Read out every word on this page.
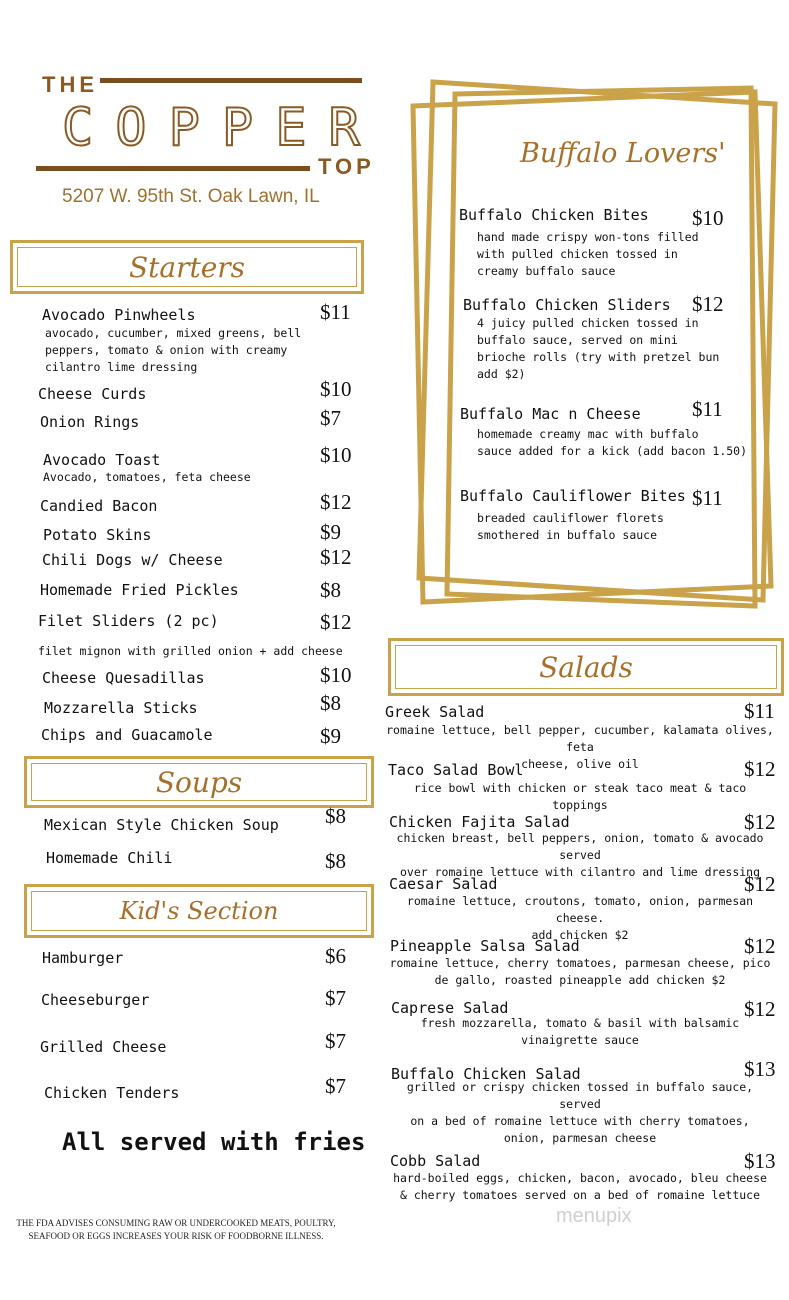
THE
COPPER
TOP
5207 W. 95th St. Oak Lawn, IL
Buffalo Lovers'
Buffalo Chicken Bites $10
hand made crispy won-tons filled
with pulled chicken tossed in
creamy buffalo sauce
Buffalo Chicken Sliders $12
4 juicy pulled chicken tossed in
buffalo sauce, served on mini
brioche rolls (try with pretzel bun
add $2)
Buffalo Mac n Cheese $11
homemade creamy mac with buffalo
sauce added for a kick (add bacon 1.50)
Buffalo Cauliflower Bites $11
breaded cauliflower florets
smothered in buffalo sauce
Starters
Avocado Pinwheels	$11
avocado, cucumber, mixed greens, bell
peppers, tomato & onion with creamy
cilantro lime dressing
Cheese Curds	$10
Onion Rings	$7
Avocado Toast	$10
Avocado, tomatoes, feta cheese
Candied Bacon	$12
Potato Skins	$9
Chili Dogs w/ Cheese	$12
Homemade Fried Pickles	$8
Filet Sliders (2 pc)	$12
filet mignon with grilled onion + add cheese
Cheese Quesadillas	$10
Mozzarella Sticks	$8
Chips and Guacamole	$9
Soups
Mexican Style Chicken Soup $8
Homemade Chili	$8
Kid's Section
Hamburger	$6
Cheeseburger	$7
Grilled Cheese	$7
Chicken Tenders	$7
All served with fries
Salads
Greek Salad	$11
romaine lettuce, bell pepper, cucumber, kalamata olives, feta
cheese, olive oil
Taco Salad Bowl	$12
rice bowl with chicken or steak taco meat & taco toppings
Chicken Fajita Salad	$12
chicken breast, bell peppers, onion, tomato & avocado served
over romaine lettuce with cilantro and lime dressing
Caesar Salad	$12
romaine lettuce, croutons, tomato, onion, parmesan cheese.
add chicken $2
Pineapple Salsa Salad	$12
romaine lettuce, cherry tomatoes, parmesan cheese, pico
de gallo, roasted pineapple add chicken $2
Caprese Salad	$12
fresh mozzarella, tomato & basil with balsamic
vinaigrette sauce
Buffalo Chicken Salad	$13
grilled or crispy chicken tossed in buffalo sauce, served
on a bed of romaine lettuce with cherry tomatoes,
onion, parmesan cheese
Cobb Salad	$13
hard-boiled eggs, chicken, bacon, avocado, bleu cheese
& cherry tomatoes served on a bed of romaine lettuce
THE FDA ADVISES CONSUMING RAW OR UNDERCOOKED MEATS, POULTRY,
SEAFOOD OR EGGS INCREASES YOUR RISK OF FOODBORNE ILLNESS.
menupix
